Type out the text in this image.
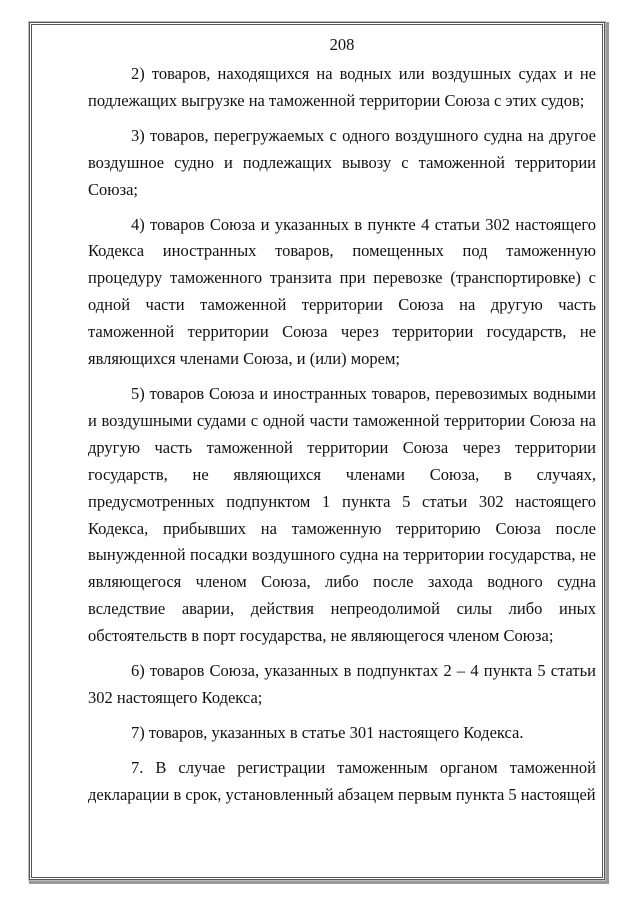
208

2) товаров, находящихся на водных или воздушных судах и не подлежащих выгрузке на таможенной территории Союза с этих судов;

3) товаров, перегружаемых с одного воздушного судна на другое воздушное судно и подлежащих вывозу с таможенной территории Союза;

4) товаров Союза и указанных в пункте 4 статьи 302 настоящего Кодекса иностранных товаров, помещенных под таможенную процедуру таможенного транзита при перевозке (транспортировке) с одной части таможенной территории Союза на другую часть таможенной территории Союза через территории государств, не являющихся членами Союза, и (или) морем;

5) товаров Союза и иностранных товаров, перевозимых водными и воздушными судами с одной части таможенной территории Союза на другую часть таможенной территории Союза через территории государств, не являющихся членами Союза, в случаях, предусмотренных подпунктом 1 пункта 5 статьи 302 настоящего Кодекса, прибывших на таможенную территорию Союза после вынужденной посадки воздушного судна на территории государства, не являющегося членом Союза, либо после захода водного судна вследствие аварии, действия непреодолимой силы либо иных обстоятельств в порт государства, не являющегося членом Союза;

6) товаров Союза, указанных в подпунктах 2 – 4 пункта 5 статьи 302 настоящего Кодекса;

7) товаров, указанных в статье 301 настоящего Кодекса.

7. В случае регистрации таможенным органом таможенной декларации в срок, установленный абзацем первым пункта 5 настоящей
